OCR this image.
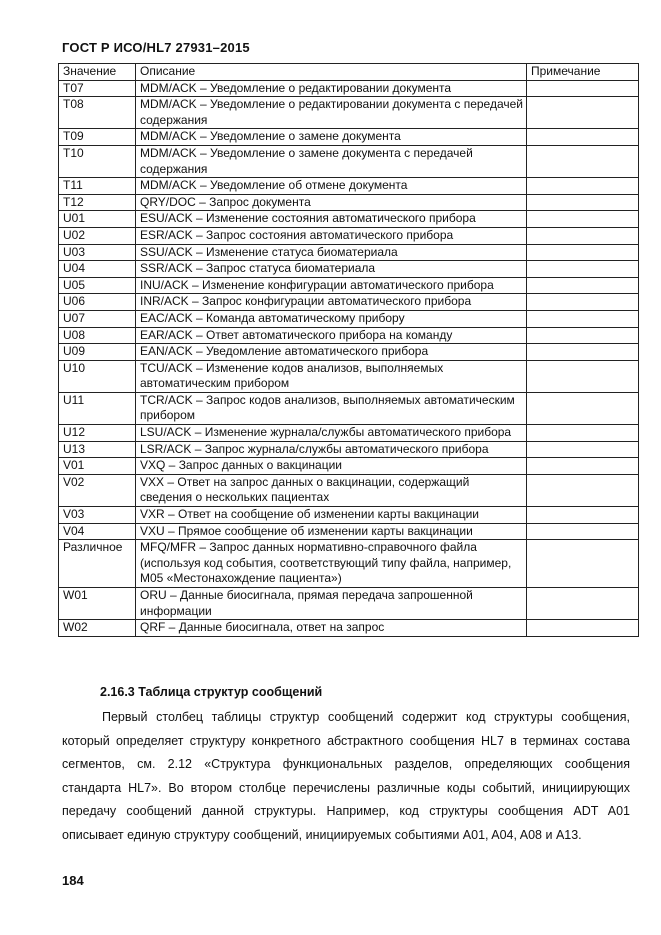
ГОСТ Р ИСО/HL7 27931–2015
Значение	Описание	Примечание
T07	MDM/ACK – Уведомление о редактировании документа	
T08	MDM/ACK – Уведомление о редактировании документа с передачей содержания	
T09	MDM/ACK – Уведомление о замене документа	
T10	MDM/ACK – Уведомление о замене документа с передачей содержания	
T11	MDM/ACK – Уведомление об отмене документа	
T12	QRY/DOC – Запрос документа	
U01	ESU/ACK – Изменение состояния автоматического прибора	
U02	ESR/ACK – Запрос состояния автоматического прибора	
U03	SSU/ACK – Изменение статуса биоматериала	
U04	SSR/ACK – Запрос статуса биоматериала	
U05	INU/ACK – Изменение конфигурации автоматического прибора	
U06	INR/ACK – Запрос конфигурации автоматического прибора	
U07	EAC/ACK – Команда автоматическому прибору	
U08	EAR/ACK – Ответ автоматического прибора на команду	
U09	EAN/ACK – Уведомление автоматического прибора	
U10	TCU/ACK – Изменение кодов анализов, выполняемых автоматическим прибором	
U11	TCR/ACK – Запрос кодов анализов, выполняемых автоматическим прибором	
U12	LSU/ACK – Изменение журнала/службы автоматического прибора	
U13	LSR/ACK – Запрос журнала/службы автоматического прибора	
V01	VXQ – Запрос данных о вакцинации	
V02	VXX – Ответ на запрос данных о вакцинации, содержащий сведения о нескольких пациентах	
V03	VXR – Ответ на сообщение об изменении карты вакцинации	
V04	VXU – Прямое сообщение об изменении карты вакцинации	
Различное	MFQ/MFR – Запрос данных нормативно-справочного файла (используя код события, соответствующий типу файла, например, M05 «Местонахождение пациента»)	
W01	ORU – Данные биосигнала, прямая передача запрошенной информации	
W02	QRF – Данные биосигнала, ответ на запрос	
2.16.3 Таблица структур сообщений
Первый столбец таблицы структур сообщений содержит код структуры сообщения, который определяет структуру конкретного абстрактного сообщения HL7 в терминах состава сегментов, см. 2.12 «Структура функциональных разделов, определяющих сообщения стандарта HL7». Во втором столбце перечислены различные коды событий, инициирующих передачу сообщений данной структуры. Например, код структуры сообщения ADT A01 описывает единую структуру сообщений, инициируемых событиями A01, A04, A08 и A13.
184
